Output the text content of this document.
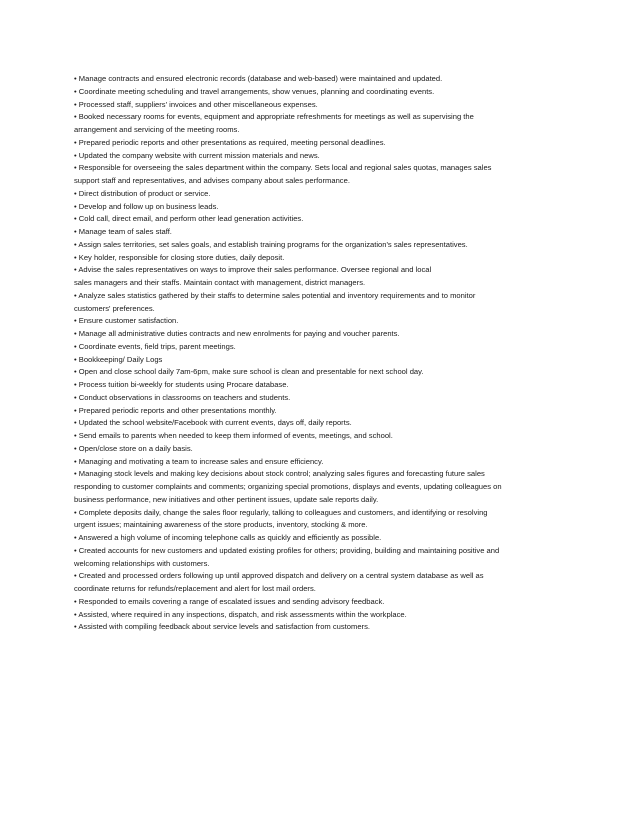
• Manage contracts and ensured electronic records (database and web-based) were maintained and updated.
• Coordinate meeting scheduling and travel arrangements, show venues, planning and coordinating events.
• Processed staff, suppliers' invoices and other miscellaneous expenses.
• Booked necessary rooms for events, equipment and appropriate refreshments for meetings as well as supervising the
arrangement and servicing of the meeting rooms.
• Prepared periodic reports and other presentations as required, meeting personal deadlines.
• Updated the company website with current mission materials and news.
• Responsible for overseeing the sales department within the company. Sets local and regional sales quotas, manages sales
support staff and representatives, and advises company about sales performance.
• Direct distribution of product or service.
• Develop and follow up on business leads.
• Cold call, direct email, and perform other lead generation activities.
• Manage team of sales staff.
• Assign sales territories, set sales goals, and establish training programs for the organization's sales representatives.
• Key holder, responsible for closing store duties, daily deposit.
• Advise the sales representatives on ways to improve their sales performance. Oversee regional and local
sales managers and their staffs. Maintain contact with management, district managers.
• Analyze sales statistics gathered by their staffs to determine sales potential and inventory requirements and to monitor
customers' preferences.
• Ensure customer satisfaction.
• Manage all administrative duties contracts and new enrolments for paying and voucher parents.
• Coordinate events, field trips, parent meetings.
• Bookkeeping/ Daily Logs
• Open and close school daily 7am-6pm, make sure school is clean and presentable for next school day.
• Process tuition bi-weekly for students using Procare database.
• Conduct observations in classrooms on teachers and students.
• Prepared periodic reports and other presentations monthly.
• Updated the school website/Facebook with current events, days off, daily reports.
• Send emails to parents when needed to keep them informed of events, meetings, and school.
• Open/close store on a daily basis.
• Managing and motivating a team to increase sales and ensure efficiency.
• Managing stock levels and making key decisions about stock control; analyzing sales figures and forecasting future sales
responding to customer complaints and comments; organizing special promotions, displays and events, updating colleagues on
business performance, new initiatives and other pertinent issues, update sale reports daily.
• Complete deposits daily, change the sales floor regularly, talking to colleagues and customers, and identifying or resolving
urgent issues; maintaining awareness of the store products, inventory, stocking & more.
• Answered a high volume of incoming telephone calls as quickly and efficiently as possible.
• Created accounts for new customers and updated existing profiles for others; providing, building and maintaining positive and
welcoming relationships with customers.
• Created and processed orders following up until approved dispatch and delivery on a central system database as well as
coordinate returns for refunds/replacement and alert for lost mail orders.
• Responded to emails covering a range of escalated issues and sending advisory feedback.
• Assisted, where required in any inspections, dispatch, and risk assessments within the workplace.
• Assisted with compiling feedback about service levels and satisfaction from customers.
